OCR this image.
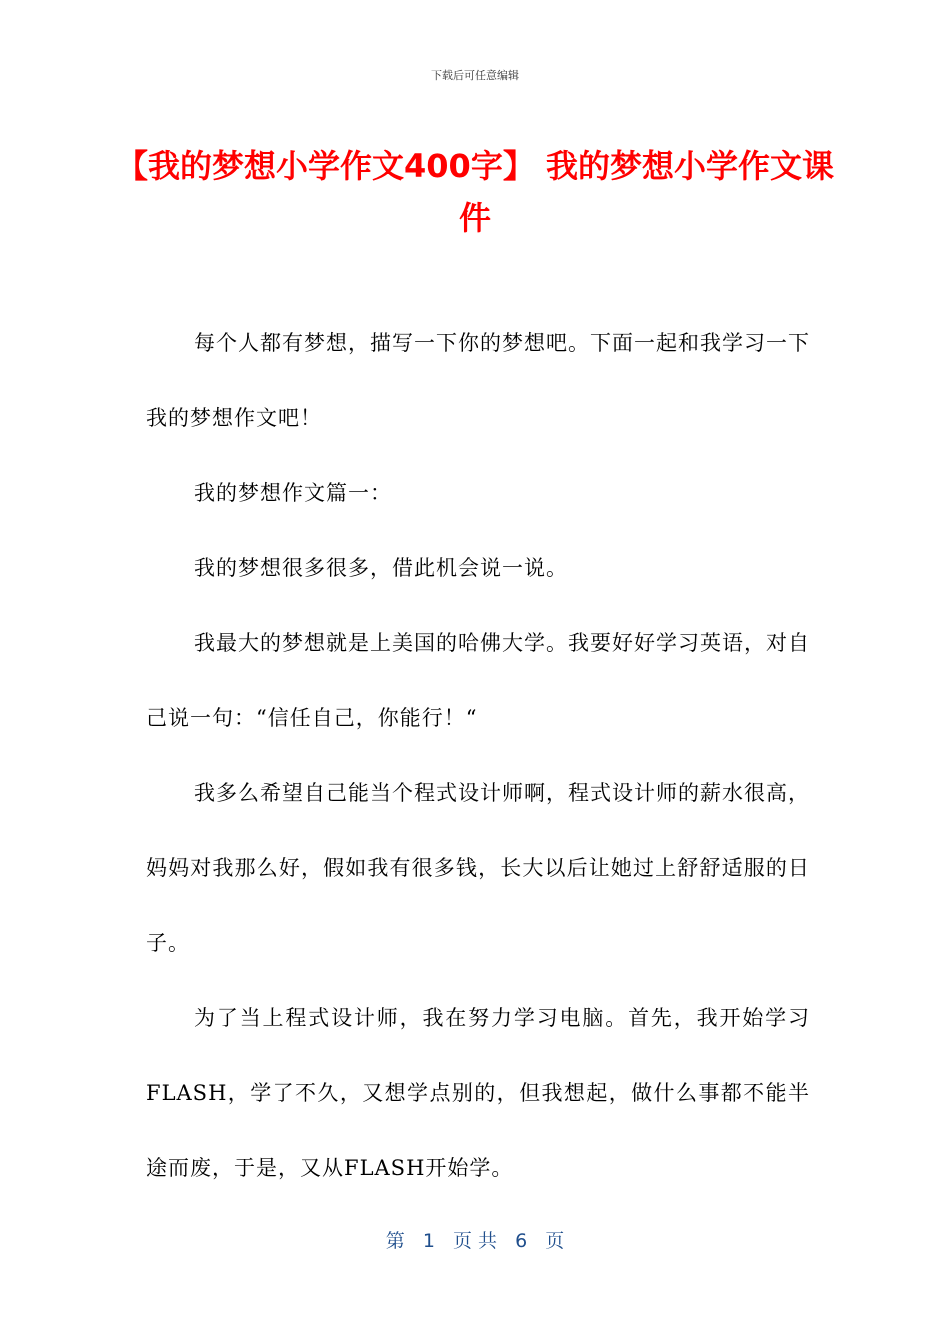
下载后可任意编辑
【我的梦想小学作文400字】 我的梦想小学作文课件

每个人都有梦想，描写一下你的梦想吧。下面一起和我学习一下我的梦想作文吧！

我的梦想作文篇一：

我的梦想很多很多，借此机会说一说。

我最大的梦想就是上美国的哈佛大学。我要好好学习英语，对自己说一句：“信任自己，你能行！“

我多么希望自己能当个程式设计师啊，程式设计师的薪水很高，妈妈对我那么好，假如我有很多钱，长大以后让她过上舒舒适服的日子。

为了当上程式设计师，我在努力学习电脑。首先，我开始学习FLASH，学了不久，又想学点别的，但我想起，做什么事都不能半途而废，于是，又从FLASH开始学。

第 1 页 共 6 页
